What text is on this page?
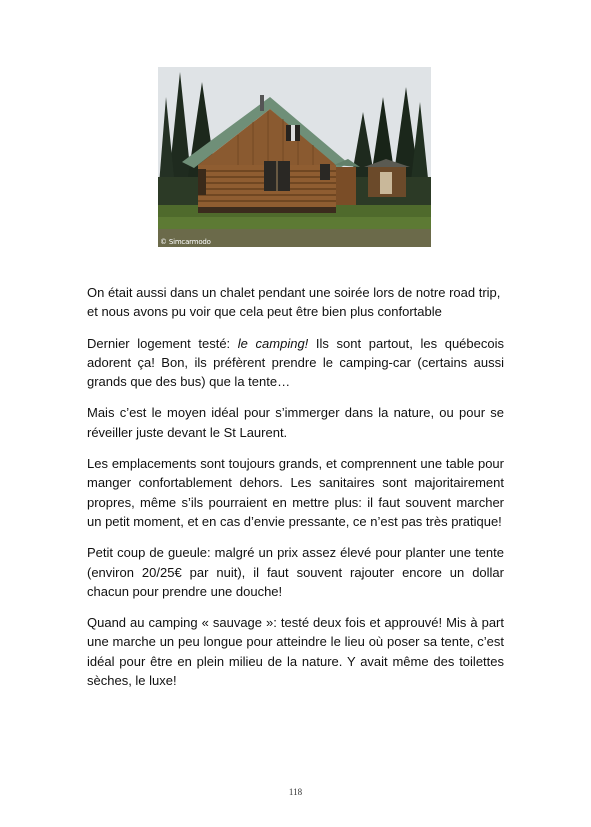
© Simcarmodo

On était aussi dans un chalet pendant une soirée lors de notre road trip, et nous avons pu voir que cela peut être bien plus confortable

Dernier logement testé: le camping! Ils sont partout, les québecois adorent ça! Bon, ils préfèrent prendre le camping-car (certains aussi grands que des bus) que la tente…

Mais c’est le moyen idéal pour s’immerger dans la nature, ou pour se réveiller juste devant le St Laurent.

Les emplacements sont toujours grands, et comprennent une table pour manger confortablement dehors. Les sanitaires sont majoritairement propres, même s’ils pourraient en mettre plus: il faut souvent marcher un petit moment, et en cas d’envie pressante, ce n’est pas très pratique!

Petit coup de gueule: malgré un prix assez élevé pour planter une tente (environ 20/25€ par nuit), il faut souvent rajouter encore un dollar chacun pour prendre une douche!

Quand au camping « sauvage »: testé deux fois et approuvé! Mis à part une marche un peu longue pour atteindre le lieu où poser sa tente, c’est idéal pour être en plein milieu de la nature. Y avait même des toilettes sèches, le luxe!

118
